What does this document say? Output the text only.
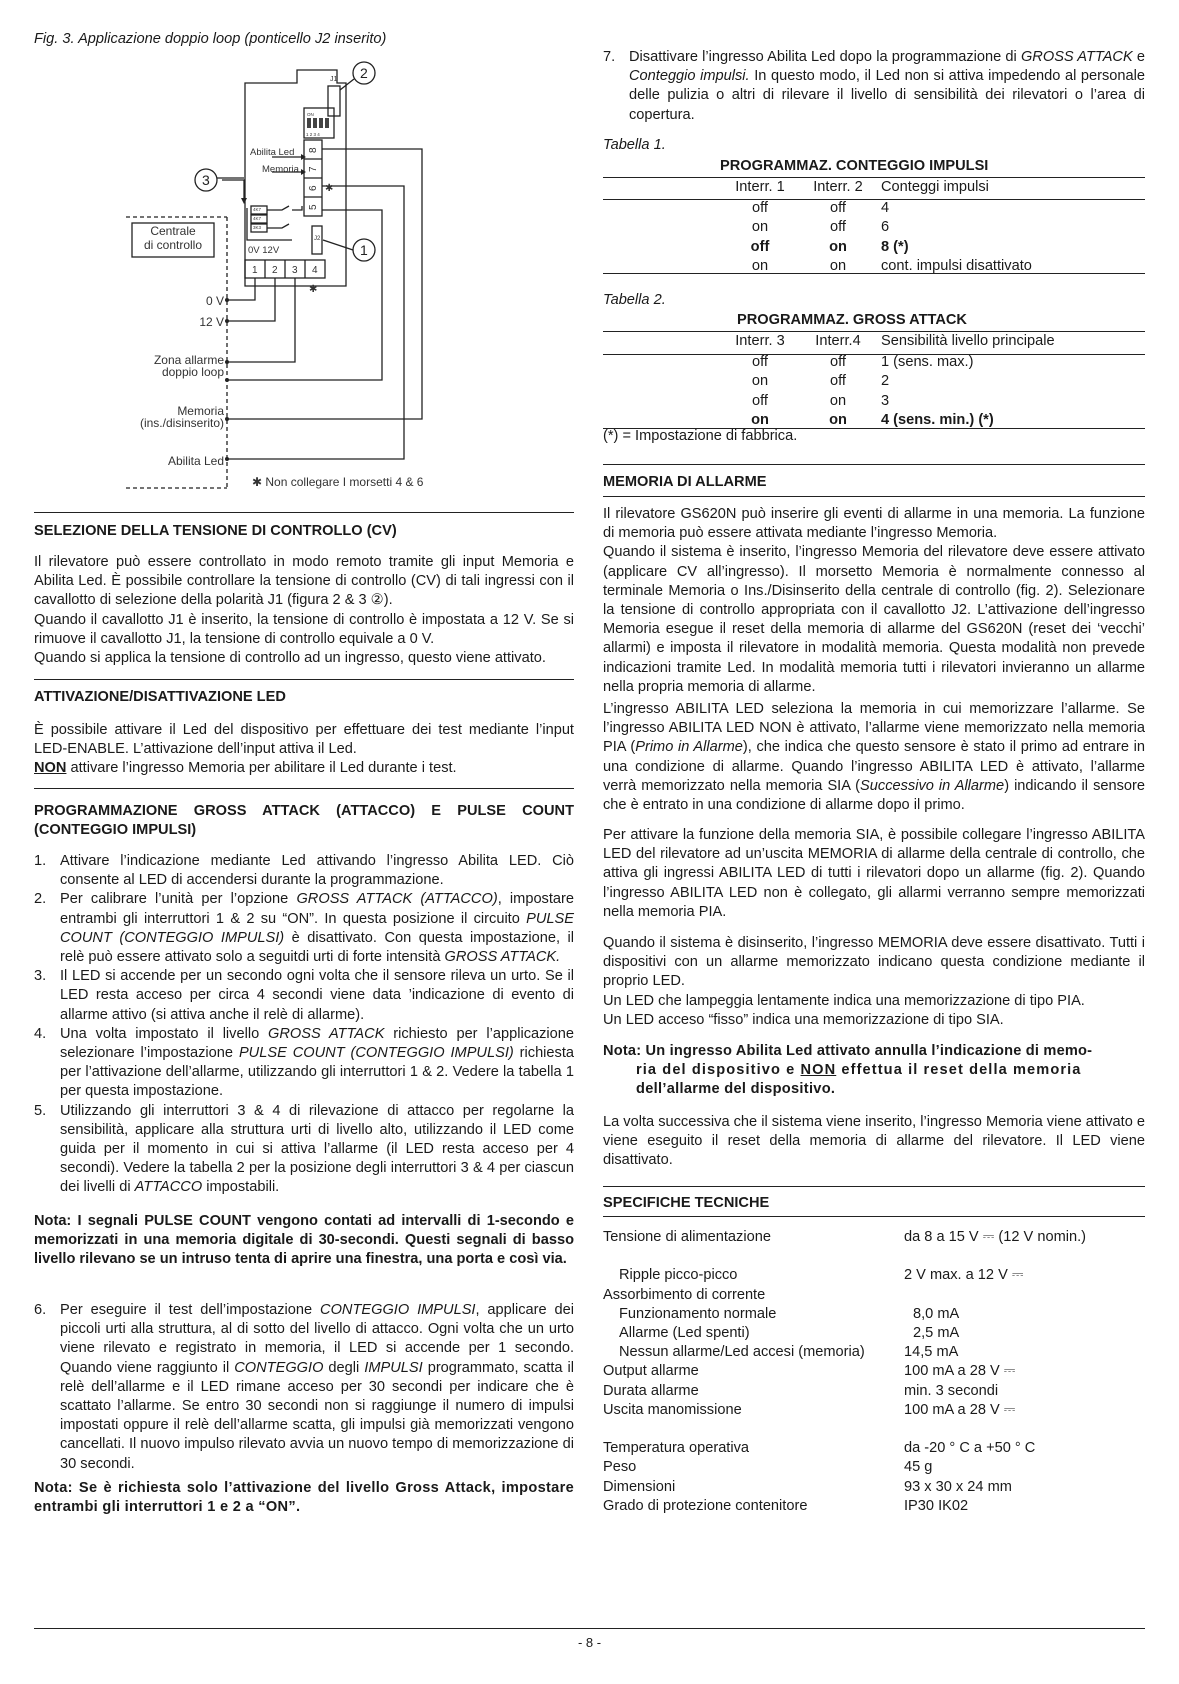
Fig. 3. Applicazione doppio loop (ponticello J2 inserito)
J1
ON
1 2 3 4
Abilita Led
Memoria
8
7
6
5
✱
J2
4K7
4K7
3K3
0V 12V
1 2 3 4
✱
2
3
1
Centrale
di controllo
0 V
12 V
Zona allarme
doppio loop
Memoria
(ins./disinserito)
Abilita Led
✱ Non collegare I morsetti 4 & 6
SELEZIONE DELLA TENSIONE DI CONTROLLO (CV)

Il rilevatore può essere controllato in modo remoto tramite gli input Memoria e Abilita Led. È possibile controllare la tensione di controllo (CV) di tali ingressi con il cavallotto di selezione della polarità J1 (figura 2 & 3 ②).

Quando il cavallotto J1 è inserito, la tensione di controllo è impostata a 12 V. Se si rimuove il cavallotto J1, la tensione di controllo equivale a 0 V.

Quando si applica la tensione di controllo ad un ingresso, questo viene attivato.

ATTIVAZIONE/DISATTIVAZIONE LED

È possibile attivare il Led del dispositivo per effettuare dei test mediante l’input LED-ENABLE. L’attivazione dell’input attiva il Led.

NON attivare l’ingresso Memoria per abilitare il Led durante i test.

PROGRAMMAZIONE GROSS ATTACK (ATTACCO) E PULSE COUNT (CONTEGGIO IMPULSI)
1. Attivare l’indicazione mediante Led attivando l’ingresso Abilita LED. Ciò consente al LED di accendersi durante la programmazione.
2. Per calibrare l’unità per l’opzione GROSS ATTACK (ATTACCO), impostare entrambi gli interruttori 1 & 2 su “ON”. In questa posizione il circuito PULSE COUNT (CONTEGGIO IMPULSI) è disattivato. Con questa impostazione, il relè può essere attivato solo a seguitdi urti di forte intensità GROSS ATTACK.
3. Il LED si accende per un secondo ogni volta che il sensore rileva un urto. Se il LED resta acceso per circa 4 secondi viene data ’indicazione di evento di allarme attivo (si attiva anche il relè di allarme).
4. Una volta impostato il livello GROSS ATTACK richiesto per l’applicazione selezionare l’impostazione PULSE COUNT (CONTEGGIO IMPULSI) richiesta per l’attivazione dell’allarme, utilizzando gli interruttori 1 & 2. Vedere la tabella 1 per questa impostazione.
5. Utilizzando gli interruttori 3 & 4 di rilevazione di attacco per regolarne la sensibilità, applicare alla struttura urti di livello alto, utilizzando il LED come guida per il momento in cui si attiva l’allarme (il LED resta acceso per 4 secondi). Vedere la tabella 2 per la posizione degli interruttori 3 & 4 per ciascun dei livelli di ATTACCO impostabili.
Nota: I segnali PULSE COUNT vengono contati ad intervalli di 1-secondo e memorizzati in una memoria digitale di 30-secondi. Questi segnali di basso livello rilevano se un intruso tenta di aprire una finestra, una porta e così via.
6. Per eseguire il test dell’impostazione CONTEGGIO IMPULSI, applicare dei piccoli urti alla struttura, al di sotto del livello di attacco. Ogni volta che un urto viene rilevato e registrato in memoria, il LED si accende per 1 secondo. Quando viene raggiunto il CONTEGGIO degli IMPULSI programmato, scatta il relè dell’allarme e il LED rimane acceso per 30 secondi per indicare che è scattato l’allarme. Se entro 30 secondi non si raggiunge il numero di impulsi impostati oppure il relè dell’allarme scatta, gli impulsi già memorizzati vengono cancellati. Il nuovo impulso rilevato avvia un nuovo tempo di memorizzazione di 30 secondi.
Nota: Se è richiesta solo l’attivazione del livello Gross Attack, impostare entrambi gli interruttori 1 e 2 a “ON”.
7. Disattivare l’ingresso Abilita Led dopo la programmazione di GROSS ATTACK e Conteggio impulsi. In questo modo, il Led non si attiva impedendo al personale delle pulizia o altri di rilevare il livello di sensibilità dei rilevatori o l’area di copertura.
Tabella 1.
PROGRAMMAZ. CONTEGGIO IMPULSI
Interr. 1	Interr. 2	Conteggi impulsi

off	off	4
on	off	6
off	on	8 (*)
on	on	cont. impulsi disattivato
Tabella 2.
PROGRAMMAZ. GROSS ATTACK
Interr. 3	Interr.4	Sensibilità livello principale

off	off	1 (sens. max.)
on	off	2
off	on	3
on	on	4 (sens. min.) (*)
(*) = Impostazione di fabbrica.
MEMORIA DI ALLARME

Il rilevatore GS620N può inserire gli eventi di allarme in una memoria. La funzione di memoria può essere attivata mediante l’ingresso Memoria.

Quando il sistema è inserito, l’ingresso Memoria del rilevatore deve essere attivato (applicare CV all’ingresso). Il morsetto Memoria è normalmente connesso al terminale Memoria o Ins./Disinserito della centrale di controllo (fig. 2). Selezionare la tensione di controllo appropriata con il cavallotto J2. L’attivazione dell’ingresso Memoria esegue il reset della memoria di allarme del GS620N (reset dei ‘vecchi’ allarmi) e imposta il rilevatore in modalità memoria. Questa modalità non prevede indicazioni tramite Led. In modalità memoria tutti i rilevatori invieranno un allarme nella propria memoria di allarme.

L’ingresso ABILITA LED seleziona la memoria in cui memorizzare l’allarme. Se l’ingresso ABILITA LED NON è attivato, l’allarme viene memorizzato nella memoria PIA (Primo in Allarme), che indica che questo sensore è stato il primo ad entrare in una condizione di allarme. Quando l’ingresso ABILITA LED è attivato, l’allarme verrà memorizzato nella memoria SIA (Successivo in Allarme) indicando il sensore che è entrato in una condizione di allarme dopo il primo.

Per attivare la funzione della memoria SIA, è possibile collegare l’ingresso ABILITA LED del rilevatore ad un’uscita MEMORIA di allarme della centrale di controllo, che attiva gli ingressi ABILITA LED di tutti i rilevatori dopo un allarme (fig. 2). Quando l’ingresso ABILITA LED non è collegato, gli allarmi verranno sempre memorizzati nella memoria PIA.

Quando il sistema è disinserito, l’ingresso MEMORIA deve essere disattivato. Tutti i dispositivi con un allarme memorizzato indicano questa condizione mediante il proprio LED.

Un LED che lampeggia lentamente indica una memorizzazione di tipo PIA.

Un LED acceso “fisso” indica una memorizzazione di tipo SIA.

Nota: Un ingresso Abilita Led attivato annulla l’indicazione di memo-
ria del dispositivo e NON effettua il reset della memoria
dell’allarme del dispositivo.

La volta successiva che il sistema viene inserito, l’ingresso Memoria viene attivato e viene eseguito il reset della memoria di allarme del rilevatore. Il LED viene disattivato.

SPECIFICHE TECNICHE
Tensione di alimentazione	da 8 a 15 V ⎓ (12 V nomin.)

Ripple picco-picco	2 V max. a 12 V ⎓
Assorbimento di corrente	
Funzionamento normale	8,0 mA
Allarme (Led spenti)	2,5 mA
Nessun allarme/Led accesi (memoria)	14,5 mA
Output allarme	100 mA a 28 V ⎓
Durata allarme	min. 3 secondi
Uscita manomissione	100 mA a 28 V ⎓

Temperatura operativa	da -20 ° C a +50 ° C
Peso	45 g
Dimensioni	93 x 30 x 24 mm
Grado di protezione contenitore	IP30 IK02
- 8 -
